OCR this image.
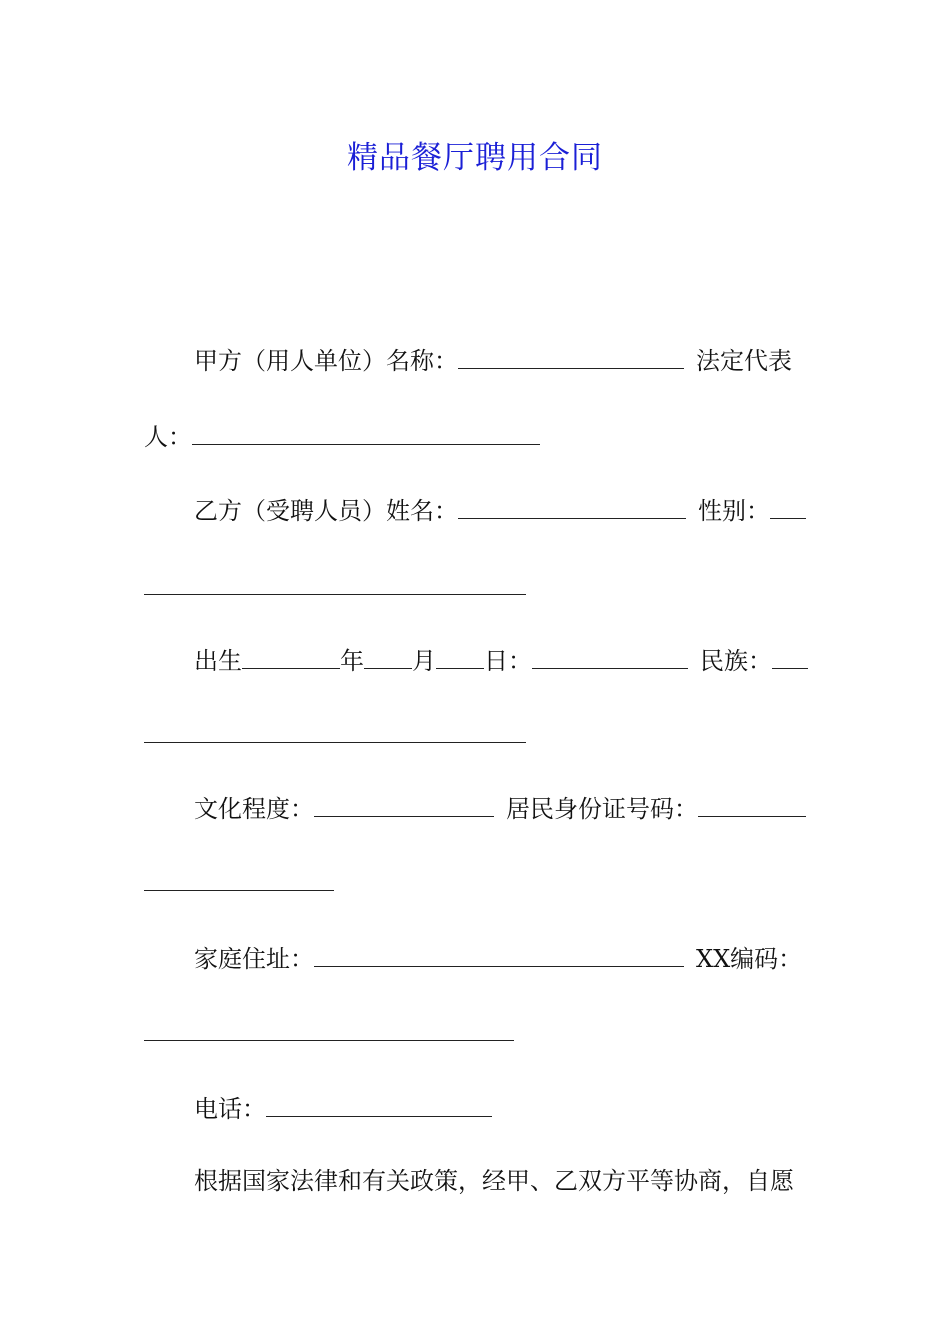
精品餐厅聘用合同
甲方（用人单位）名称：	法定代表
人：
乙方（受聘人员）姓名：	性别：
出生	年 月 日：	民族：
文化程度：	居民身份证号码：
家庭住址：	XX编码：
电话：
根据国家法律和有关政策，经甲、乙双方平等协商，自愿
